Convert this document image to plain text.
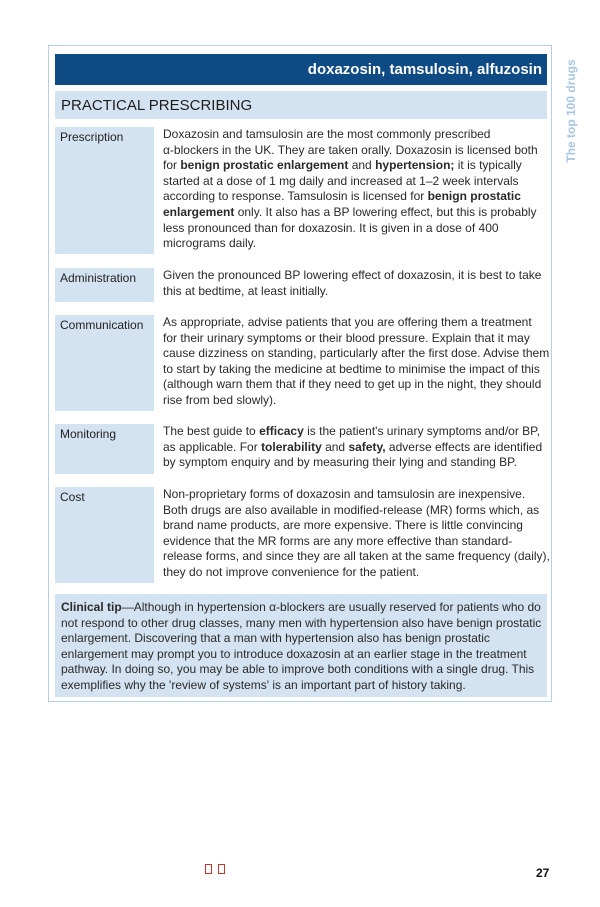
The top 100 drugs
doxazosin, tamsulosin, alfuzosin
PRACTICAL PRESCRIBING
Prescription	Doxazosin and tamsulosin are the most commonly prescribed

α-blockers in the UK. They are taken orally. Doxazosin is licensed both

for benign prostatic enlargement and hypertension; it is typically

started at a dose of 1 mg daily and increased at 1–2 week intervals

according to response. Tamsulosin is licensed for benign prostatic

enlargement only. It also has a BP lowering effect, but this is probably

less pronounced than for doxazosin. It is given in a dose of 400

micrograms daily.

Administration	Given the pronounced BP lowering effect of doxazosin, it is best to take

this at bedtime, at least initially.

Communication	As appropriate, advise patients that you are offering them a treatment

for their urinary symptoms or their blood pressure. Explain that it may

cause dizziness on standing, particularly after the first dose. Advise them

to start by taking the medicine at bedtime to minimise the impact of this

(although warn them that if they need to get up in the night, they should

rise from bed slowly).

Monitoring	The best guide to efficacy is the patient's urinary symptoms and/or BP,

as applicable. For tolerability and safety, adverse effects are identified

by symptom enquiry and by measuring their lying and standing BP.

Cost	Non-proprietary forms of doxazosin and tamsulosin are inexpensive.

Both drugs are also available in modified-release (MR) forms which, as

brand name products, are more expensive. There is little convincing

evidence that the MR forms are any more effective than standard-

release forms, and since they are all taken at the same frequency (daily),

they do not improve convenience for the patient.

Clinical tip—Although in hypertension α-blockers are usually reserved for patients who do

not respond to other drug classes, many men with hypertension also have benign prostatic

enlargement. Discovering that a man with hypertension also has benign prostatic

enlargement may prompt you to introduce doxazosin at an earlier stage in the treatment

pathway. In doing so, you may be able to improve both conditions with a single drug. This

exemplifies why the 'review of systems' is an important part of history taking.

27
